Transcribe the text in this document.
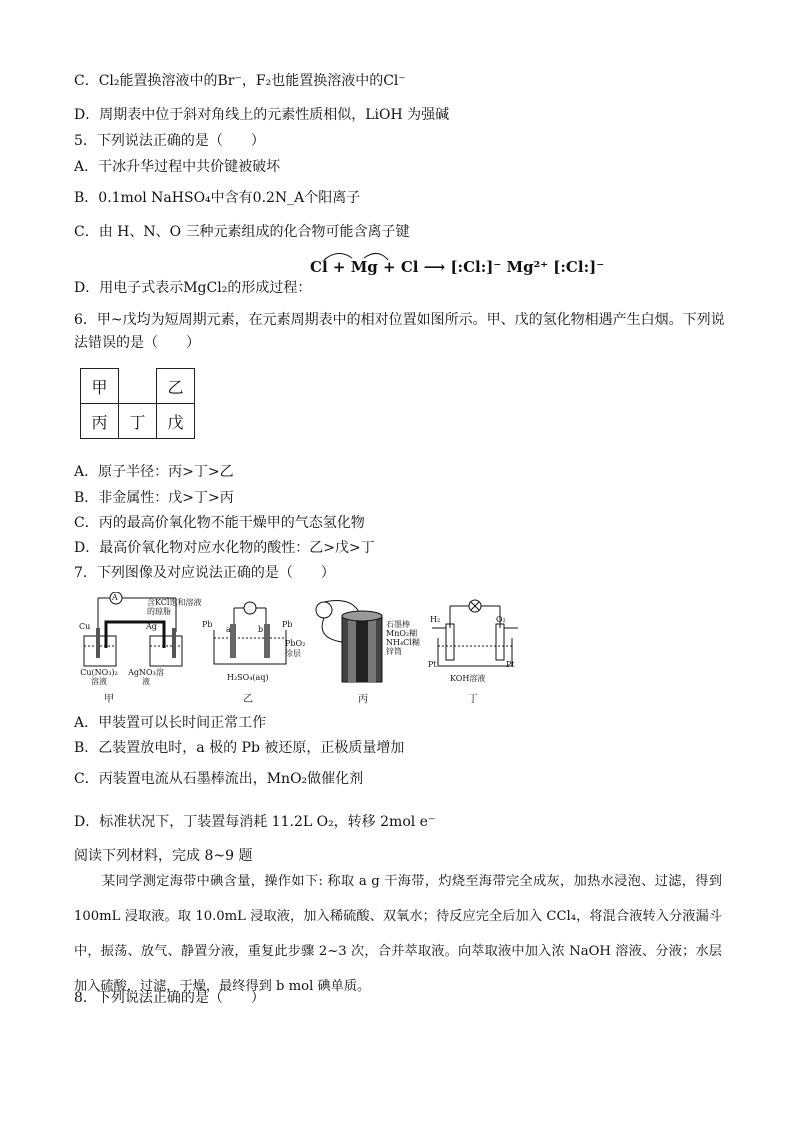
C．Cl₂能置换溶液中的Br⁻，F₂也能置换溶液中的Cl⁻
D．周期表中位于斜对角线上的元素性质相似，LiOH 为强碱
5．下列说法正确的是（　　）
A．干冰升华过程中共价键被破坏
B．0.1mol NaHSO₄中含有0.2N_A个阳离子
C．由 H、N、O 三种元素组成的化合物可能含离子键
D．用电子式表示MgCl₂的形成过程：
Cl + Mg + Cl ⟶ [:Cl:]⁻ Mg²⁺ [:Cl:]⁻
6．甲~戊均为短周期元素，在元素周期表中的相对位置如图所示。甲、戊的氢化物相遇产生白烟。下列说
法错误的是（　　）
甲		乙
丙	丁	戊
A．原子半径：丙>丁>乙
B．非金属性：戊>丁>丙
C．丙的最高价氧化物不能干燥甲的气态氢化物
D．最高价氧化物对应水化物的酸性：乙>戊>丁
7．下列图像及对应说法正确的是（　　）
A
含KCl饱和溶液的琼脂
Cu	Ag
Cu(NO₃)₂溶液
AgNO₃溶液
甲
Pb
a	b
Pb
PbO₂涂层
H₂SO₄(aq)
乙
石墨棒
MnO₂糊
NH₄Cl糊
锌筒
丙
H₂	O₂
Pt	Pt
KOH溶液
丁
A．甲装置可以长时间正常工作
B．乙装置放电时，a 极的 Pb 被还原，正极质量增加
C．丙装置电流从石墨棒流出，MnO₂做催化剂
D．标准状况下，丁装置每消耗 11.2L O₂，转移 2mol e⁻
阅读下列材料，完成 8~9 题
某同学测定海带中碘含量，操作如下: 称取 a g 干海带，灼烧至海带完全成灰，加热水浸泡、过滤，得到 100mL 浸取液。取 10.0mL 浸取液，加入稀硫酸、双氧水；待反应完全后加入 CCl₄，将混合液转入分液漏斗中，振荡、放气、静置分液，重复此步骤 2~3 次，合并萃取液。向萃取液中加入浓 NaOH 溶液、分液；水层加入硫酸，过滤，干燥，最终得到 b mol 碘单质。
8．下列说法正确的是（　　）
